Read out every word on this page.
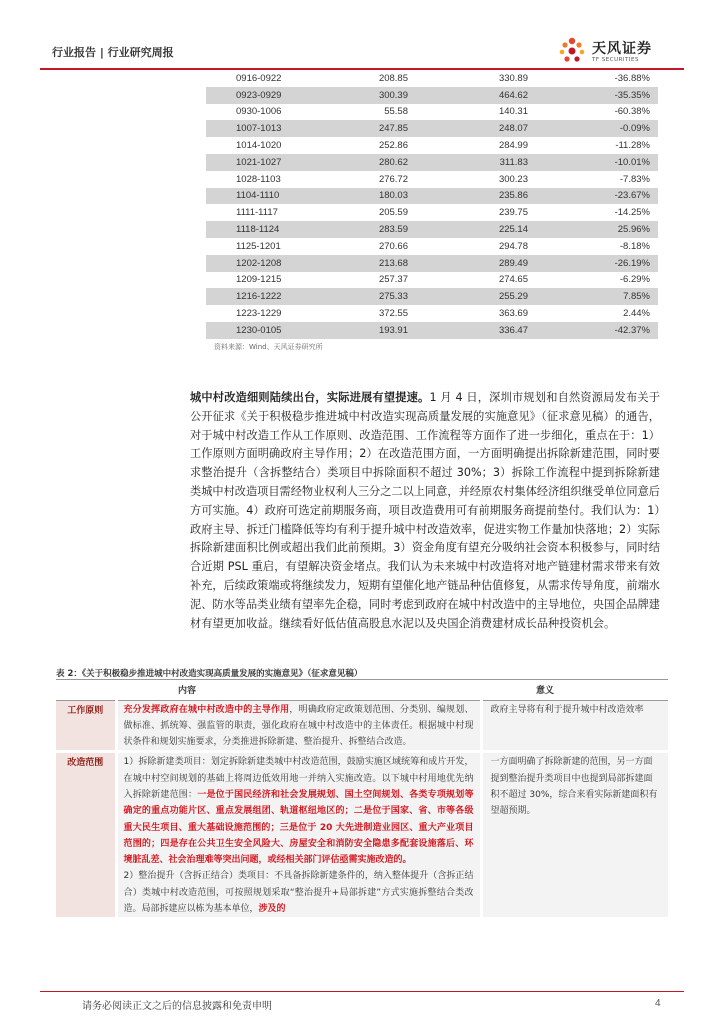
行业报告 | 行业研究周报	天风证券
TF SECURITIES
0916-0922	208.85	330.89	-36.88%
0923-0929	300.39	464.62	-35.35%
0930-1006	55.58	140.31	-60.38%
1007-1013	247.85	248.07	-0.09%
1014-1020	252.86	284.99	-11.28%
1021-1027	280.62	311.83	-10.01%
1028-1103	276.72	300.23	-7.83%
1104-1110	180.03	235.86	-23.67%
1111-1117	205.59	239.75	-14.25%
1118-1124	283.59	225.14	25.96%
1125-1201	270.66	294.78	-8.18%
1202-1208	213.68	289.49	-26.19%
1209-1215	257.37	274.65	-6.29%
1216-1222	275.33	255.29	7.85%
1223-1229	372.55	363.69	2.44%
1230-0105	193.91	336.47	-42.37%
资料来源：Wind、天风证券研究所
城中村改造细则陆续出台，实际进展有望提速。1 月 4 日，深圳市规划和自然资源局发布关于公开征求《关于积极稳步推进城中村改造实现高质量发展的实施意见》（征求意见稿）的通告，对于城中村改造工作从工作原则、改造范围、工作流程等方面作了进一步细化，重点在于：1）工作原则方面明确政府主导作用；2）在改造范围方面，一方面明确提出拆除新建范围，同时要求整治提升（含拆整结合）类项目中拆除面积不超过 30%；3）拆除工作流程中提到拆除新建类城中村改造项目需经物业权利人三分之二以上同意，并经原农村集体经济组织继受单位同意后方可实施。4）政府可选定前期服务商，项目改造费用可有前期服务商提前垫付。我们认为：1）政府主导、拆迁门槛降低等均有利于提升城中村改造效率，促进实物工作量加快落地；2）实际拆除新建面积比例或超出我们此前预期。3）资金角度有望充分吸纳社会资本积极参与，同时结合近期 PSL 重启，有望解决资金堵点。我们认为未来城中村改造将对地产链建材需求带来有效补充，后续政策端或将继续发力，短期有望催化地产链品种估值修复，从需求传导角度，前端水泥、防水等品类业绩有望率先企稳，同时考虑到政府在城中村改造中的主导地位，央国企品牌建材有望更加收益。继续看好低估值高股息水泥以及央国企消费建材成长品种投资机会。
表 2：《关于积极稳步推进城中村改造实现高质量发展的实施意见》（征求意见稿）
	内容	意义
工作原则	充分发挥政府在城中村改造中的主导作用，明确政府定政策划范围、分类别、编规划、做标准、抓统筹、强监管的职责，强化政府在城中村改造中的主体责任。根据城中村现状条件和规划实施要求，分类推进拆除新建、整治提升、拆整结合改造。	政府主导将有利于提升城中村改造效率
改造范围	1）拆除新建类项目：划定拆除新建类城中村改造范围，鼓励实施区域统筹和成片开发，在城中村空间规划的基础上将周边低效用地一并纳入实施改造。以下城中村用地优先纳入拆除新建范围：一是位于国民经济和社会发展规划、国土空间规划、各类专项规划等确定的重点功能片区、重点发展组团、轨道枢纽地区的；二是位于国家、省、市等各级重大民生项目、重大基础设施范围的；三是位于 20 大先进制造业园区、重大产业项目范围的；四是存在公共卫生安全风险大、房屋安全和消防安全隐患多配套设施落后、环境脏乱差、社会治理难等突出问题，或经相关部门评估亟需实施改造的。
2）整治提升（含拆正结合）类项目：不具备拆除新建条件的，纳入整体提升（含拆正结合）类城中村改造范围，可按照规划采取“整治提升+局部拆建”方式实施拆整结合类改造。局部拆建应以栋为基本单位，涉及的	一方面明确了拆除新建的范围，另一方面提到整治提升类项目中也提到局部拆建面积不超过 30%，综合来看实际新建面积有望超预期。
请务必阅读正文之后的信息披露和免责申明	4
